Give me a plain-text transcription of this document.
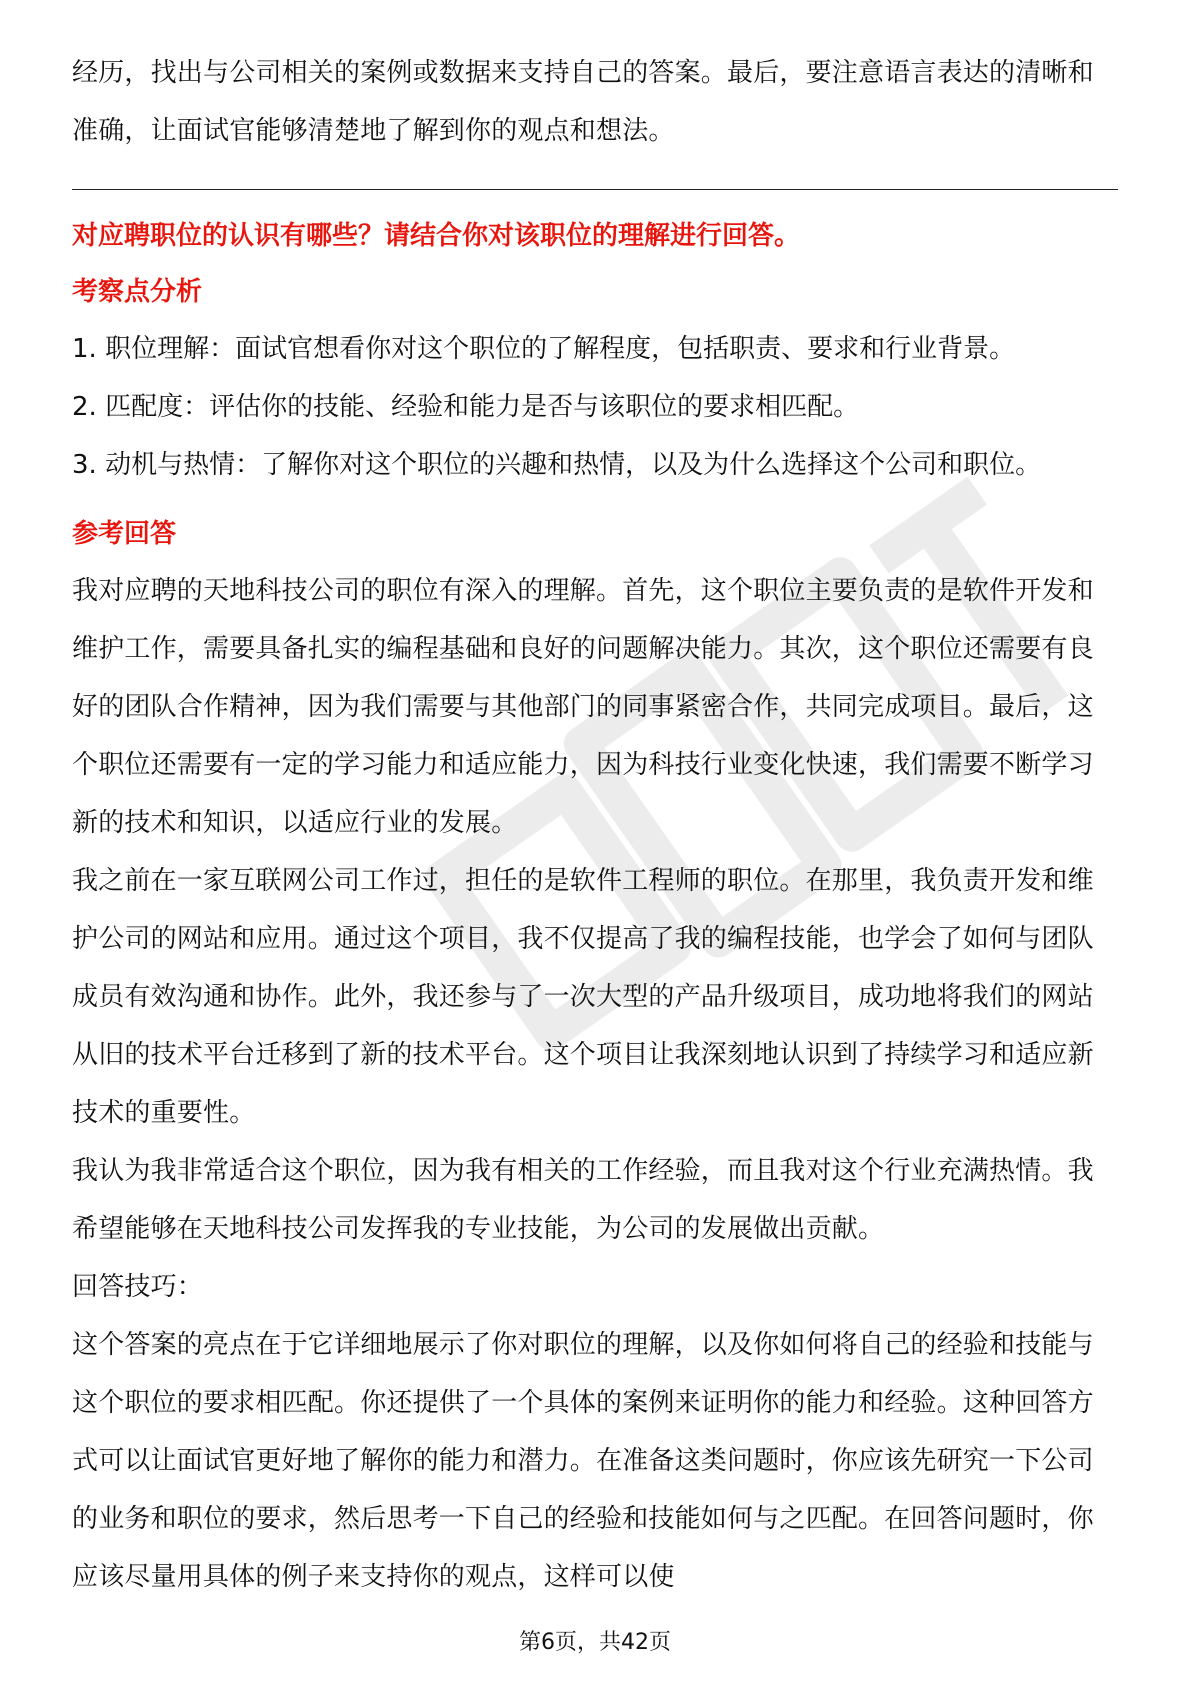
经历，找出与公司相关的案例或数据来支持自己的答案。最后，要注意语言表达的清晰和准确，让面试官能够清楚地了解到你的观点和想法。

对应聘职位的认识有哪些？请结合你对该职位的理解进行回答。

考察点分析

1. 职位理解：面试官想看你对这个职位的了解程度，包括职责、要求和行业背景。

2. 匹配度：评估你的技能、经验和能力是否与该职位的要求相匹配。

3. 动机与热情：了解你对这个职位的兴趣和热情，以及为什么选择这个公司和职位。

参考回答

我对应聘的天地科技公司的职位有深入的理解。首先，这个职位主要负责的是软件开发和维护工作，需要具备扎实的编程基础和良好的问题解决能力。其次，这个职位还需要有良好的团队合作精神，因为我们需要与其他部门的同事紧密合作，共同完成项目。最后，这个职位还需要有一定的学习能力和适应能力，因为科技行业变化快速，我们需要不断学习新的技术和知识，以适应行业的发展。

我之前在一家互联网公司工作过，担任的是软件工程师的职位。在那里，我负责开发和维护公司的网站和应用。通过这个项目，我不仅提高了我的编程技能，也学会了如何与团队成员有效沟通和协作。此外，我还参与了一次大型的产品升级项目，成功地将我们的网站从旧的技术平台迁移到了新的技术平台。这个项目让我深刻地认识到了持续学习和适应新技术的重要性。

我认为我非常适合这个职位，因为我有相关的工作经验，而且我对这个行业充满热情。我希望能够在天地科技公司发挥我的专业技能，为公司的发展做出贡献。

回答技巧：

这个答案的亮点在于它详细地展示了你对职位的理解，以及你如何将自己的经验和技能与这个职位的要求相匹配。你还提供了一个具体的案例来证明你的能力和经验。这种回答方式可以让面试官更好地了解你的能力和潜力。在准备这类问题时，你应该先研究一下公司的业务和职位的要求，然后思考一下自己的经验和技能如何与之匹配。在回答问题时，你应该尽量用具体的例子来支持你的观点，这样可以使

第6页，共42页
